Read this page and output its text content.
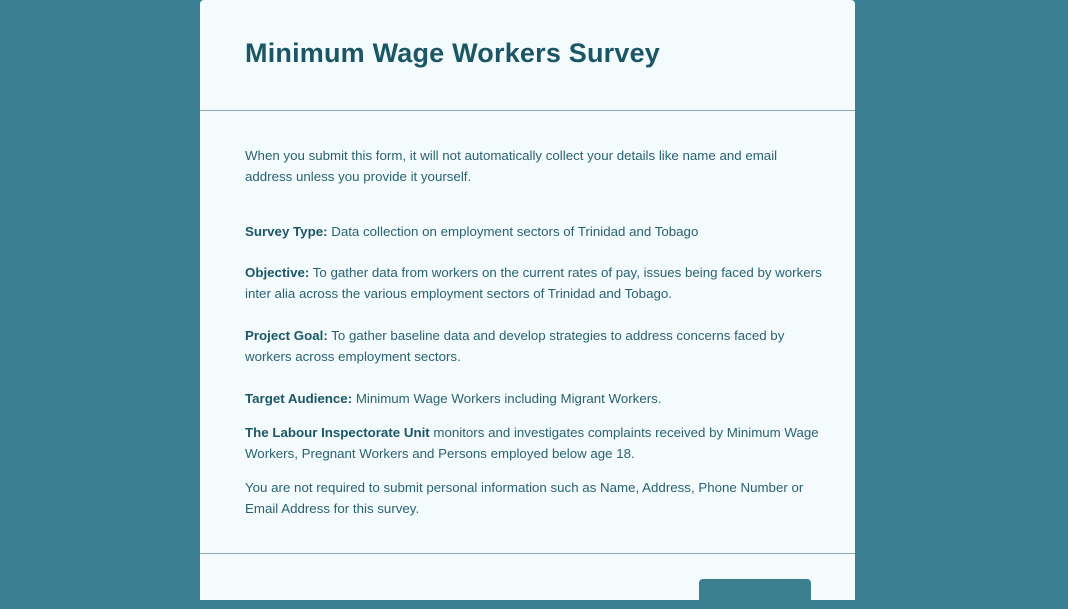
Minimum Wage Workers Survey

When you submit this form, it will not automatically collect your details like name and email address unless you provide it yourself.

Survey Type: Data collection on employment sectors of Trinidad and Tobago

Objective: To gather data from workers on the current rates of pay, issues being faced by workers inter alia across the various employment sectors of Trinidad and Tobago.

Project Goal: To gather baseline data and develop strategies to address concerns faced by workers across employment sectors.

Target Audience: Minimum Wage Workers including Migrant Workers.

The Labour Inspectorate Unit monitors and investigates complaints received by Minimum Wage Workers, Pregnant Workers and Persons employed below age 18.

You are not required to submit personal information such as Name, Address, Phone Number or Email Address for this survey.
